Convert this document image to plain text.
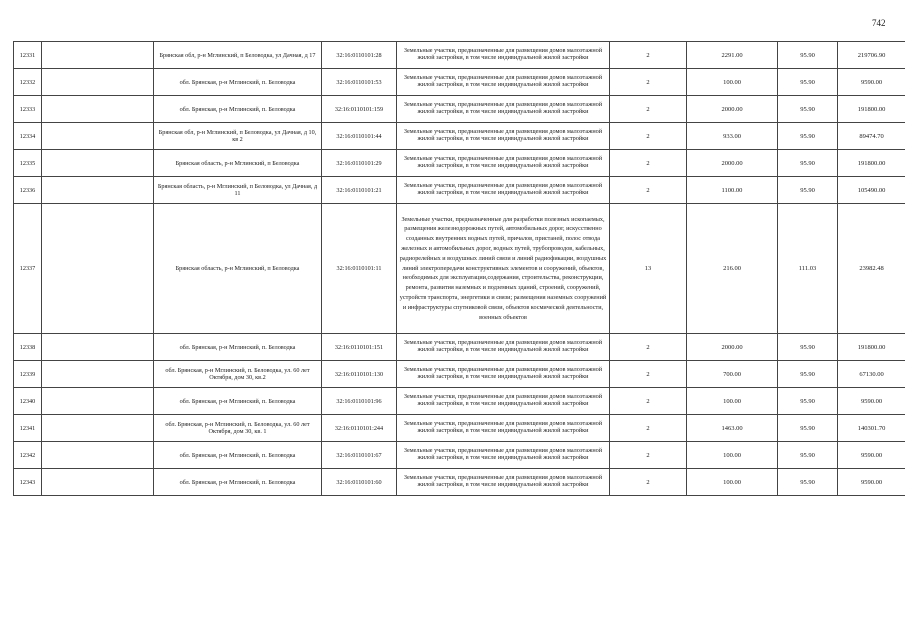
742
12331		Брянская обл, р-н Мглинский, п Беловодка, ул Дачная, д 17	32:16:0110101:28	Земельные участки, предназначенные для размещения домов малоэтажной жилой застройки, в том числе индивидуальной жилой застройки	2	2291.00	95.90	219706.90
12332		обл. Брянская, р-н Мглинский, п. Беловодка	32:16:0110101:53	Земельные участки, предназначенные для размещения домов малоэтажной жилой застройки, в том числе индивидуальной жилой застройки	2	100.00	95.90	9590.00
12333		обл. Брянская, р-н Мглинский, п. Беловодка	32:16:0110101:159	Земельные участки, предназначенные для размещения домов малоэтажной жилой застройки, в том числе индивидуальной жилой застройки	2	2000.00	95.90	191800.00
12334		Брянская обл, р-н Мглинский, п Беловодка, ул Дачная, д 10, кв 2	32:16:0110101:44	Земельные участки, предназначенные для размещения домов малоэтажной жилой застройки, в том числе индивидуальной жилой застройки	2	933.00	95.90	89474.70
12335		Брянская область, р-н Мглинский, п Беловодка	32:16:0110101:29	Земельные участки, предназначенные для размещения домов малоэтажной жилой застройки, в том числе индивидуальной жилой застройки	2	2000.00	95.90	191800.00
12336		Брянская область, р-н Мглинский, п Беловодка, ул Дачная, д 11	32:16:0110101:21	Земельные участки, предназначенные для размещения домов малоэтажной жилой застройки, в том числе индивидуальной жилой застройки	2	1100.00	95.90	105490.00
12337		Брянская область, р-н Мглинский, п Беловодка	32:16:0110101:11	Земельные участки, предназначенные для разработки полезных ископаемых, размещения железнодорожных путей, автомобильных дорог, искусственно созданных внутренних водных путей, причалов, пристаней, полос отвода железных и автомобильных дорог, водных путей, трубопроводов, кабельных, радиорелейных и воздушных линий связи и линий радиофикации, воздушных линий электропередачи конструктивных элементов и сооружений, объектов, необходимых для эксплуатации,содержания, строительства, реконструкции, ремонта, развития наземных и подземных зданий, строений, сооружений, устройств транспорта, энергетики и связи; размещения наземных сооружений и инфраструктуры спутниковой связи, объектов космической деятельности, военных объектов	13	216.00	111.03	23982.48
12338		обл. Брянская, р-н Мглинский, п. Беловодка	32:16:0110101:151	Земельные участки, предназначенные для размещения домов малоэтажной жилой застройки, в том числе индивидуальной жилой застройки	2	2000.00	95.90	191800.00
12339		обл. Брянская, р-н Мглинский, п. Беловодка, ул. 60 лет Октября, дом 30, кв.2	32:16:0110101:130	Земельные участки, предназначенные для размещения домов малоэтажной жилой застройки, в том числе индивидуальной жилой застройки	2	700.00	95.90	67130.00
12340		обл. Брянская, р-н Мглинский, п. Беловодка	32:16:0110101:96	Земельные участки, предназначенные для размещения домов малоэтажной жилой застройки, в том числе индивидуальной жилой застройки	2	100.00	95.90	9590.00
12341		обл. Брянская, р-н Мглинский, п. Беловодка, ул. 60 лет Октября, дом 30, кв. 1	32:16:0110101:244	Земельные участки, предназначенные для размещения домов малоэтажной жилой застройки, в том числе индивидуальной жилой застройки	2	1463.00	95.90	140301.70
12342		обл. Брянская, р-н Мглинский, п. Беловодка	32:16:0110101:67	Земельные участки, предназначенные для размещения домов малоэтажной жилой застройки, в том числе индивидуальной жилой застройки	2	100.00	95.90	9590.00
12343		обл. Брянская, р-н Мглинский, п. Беловодка	32:16:0110101:60	Земельные участки, предназначенные для размещения домов малоэтажной жилой застройки, в том числе индивидуальной жилой застройки	2	100.00	95.90	9590.00
